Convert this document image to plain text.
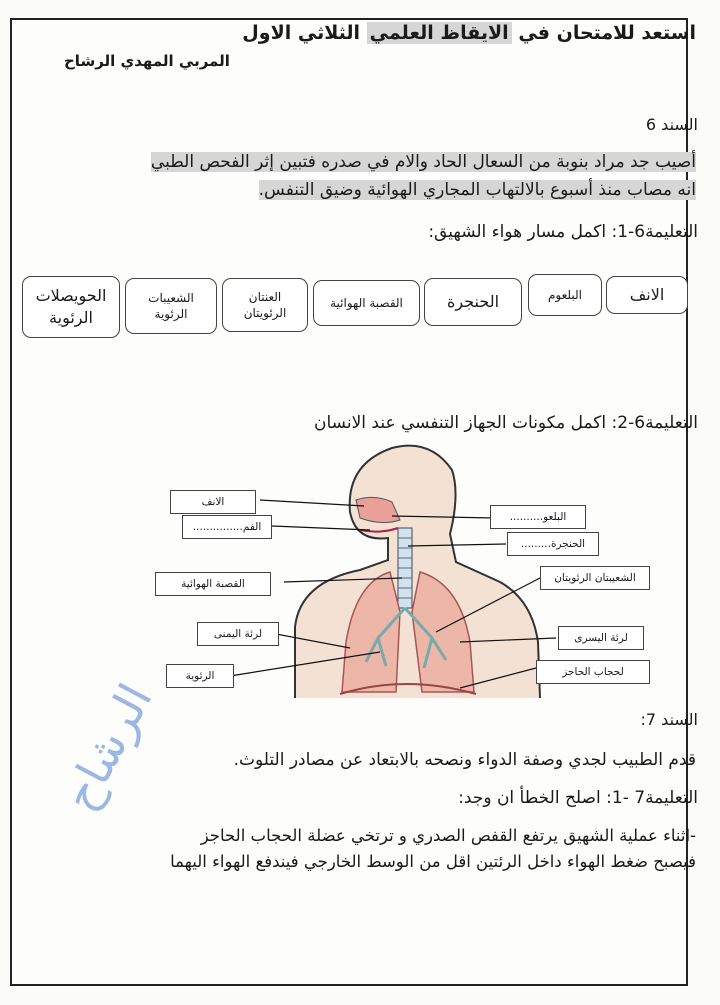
الرشاح
استعد للامتحان في الايقاظ العلمي الثلاثي الاول
المربي المهدي الرشاح
السند 6
أصيب جد مراد بنوبة من السعال الحاد والام في صدره فتبين إثر الفحص الطبي
انه مصاب منذ أسبوع بالالتهاب المجاري الهوائية وضيق التنفس.
التعليمة6-1: اكمل مسار هواء الشهيق:
الانف
البلعوم
الحنجرة
القصبة الهوائية
العنتان الرئويتان
الشعيبات الرئوية
الحويصلات الرئوية
التعليمة6-2: اكمل مكونات الجهاز التنفسي عند الانسان
الانف
الفم...............
القصبة الهوائية
لرئة اليمنى
الرئوية
البلعو..........
الحنجرة.........
الشعيبتان الرئويتان
لرئة اليسرى
لحجاب الحاجز
السند 7:
قدم الطبيب لجدي وصفة الدواء ونصحه بالابتعاد عن مصادر التلوث.
التعليمة7 -1: اصلح الخطأ ان وجد:
-اثناء عملية الشهيق يرتفع القفص الصدري و ترتخي عضلة الحجاب الحاجز
فيصبح ضغط الهواء داخل الرئتين اقل من الوسط الخارجي فيندفع الهواء اليهما
